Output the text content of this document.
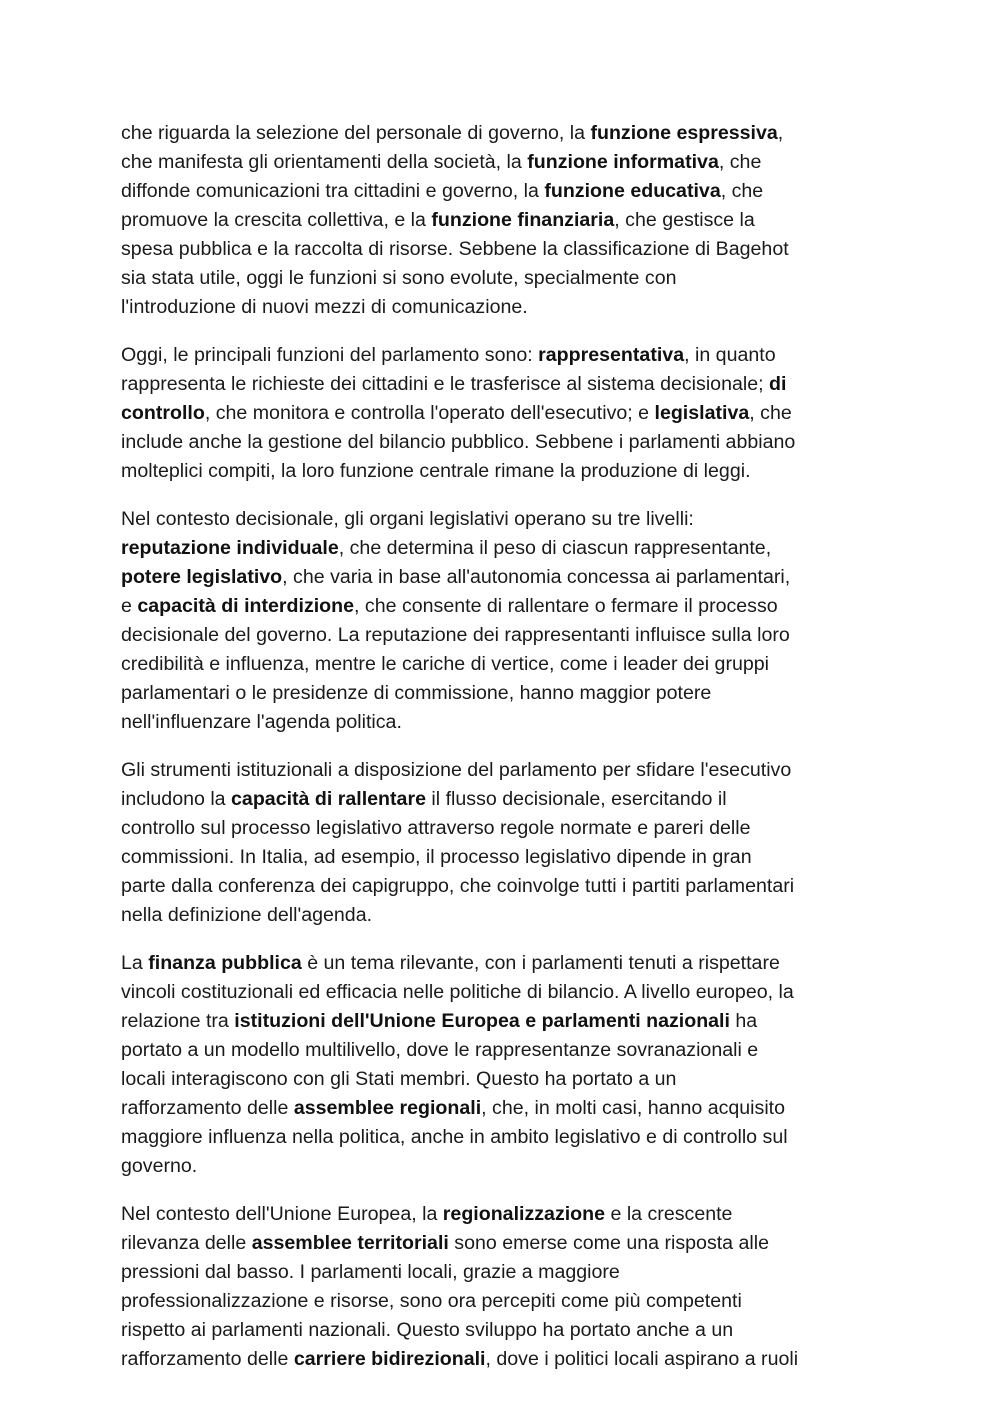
che riguarda la selezione del personale di governo, la funzione espressiva,
che manifesta gli orientamenti della società, la funzione informativa, che
diffonde comunicazioni tra cittadini e governo, la funzione educativa, che
promuove la crescita collettiva, e la funzione finanziaria, che gestisce la
spesa pubblica e la raccolta di risorse. Sebbene la classificazione di Bagehot
sia stata utile, oggi le funzioni si sono evolute, specialmente con
l'introduzione di nuovi mezzi di comunicazione.

Oggi, le principali funzioni del parlamento sono: rappresentativa, in quanto
rappresenta le richieste dei cittadini e le trasferisce al sistema decisionale; di
controllo, che monitora e controlla l'operato dell'esecutivo; e legislativa, che
include anche la gestione del bilancio pubblico. Sebbene i parlamenti abbiano
molteplici compiti, la loro funzione centrale rimane la produzione di leggi.

Nel contesto decisionale, gli organi legislativi operano su tre livelli:
reputazione individuale, che determina il peso di ciascun rappresentante,
potere legislativo, che varia in base all'autonomia concessa ai parlamentari,
e capacità di interdizione, che consente di rallentare o fermare il processo
decisionale del governo. La reputazione dei rappresentanti influisce sulla loro
credibilità e influenza, mentre le cariche di vertice, come i leader dei gruppi
parlamentari o le presidenze di commissione, hanno maggior potere
nell'influenzare l'agenda politica.

Gli strumenti istituzionali a disposizione del parlamento per sfidare l'esecutivo
includono la capacità di rallentare il flusso decisionale, esercitando il
controllo sul processo legislativo attraverso regole normate e pareri delle
commissioni. In Italia, ad esempio, il processo legislativo dipende in gran
parte dalla conferenza dei capigruppo, che coinvolge tutti i partiti parlamentari
nella definizione dell'agenda.

La finanza pubblica è un tema rilevante, con i parlamenti tenuti a rispettare
vincoli costituzionali ed efficacia nelle politiche di bilancio. A livello europeo, la
relazione tra istituzioni dell'Unione Europea e parlamenti nazionali ha
portato a un modello multilivello, dove le rappresentanze sovranazionali e
locali interagiscono con gli Stati membri. Questo ha portato a un
rafforzamento delle assemblee regionali, che, in molti casi, hanno acquisito
maggiore influenza nella politica, anche in ambito legislativo e di controllo sul
governo.

Nel contesto dell'Unione Europea, la regionalizzazione e la crescente
rilevanza delle assemblee territoriali sono emerse come una risposta alle
pressioni dal basso. I parlamenti locali, grazie a maggiore
professionalizzazione e risorse, sono ora percepiti come più competenti
rispetto ai parlamenti nazionali. Questo sviluppo ha portato anche a un
rafforzamento delle carriere bidirezionali, dove i politici locali aspirano a ruoli
